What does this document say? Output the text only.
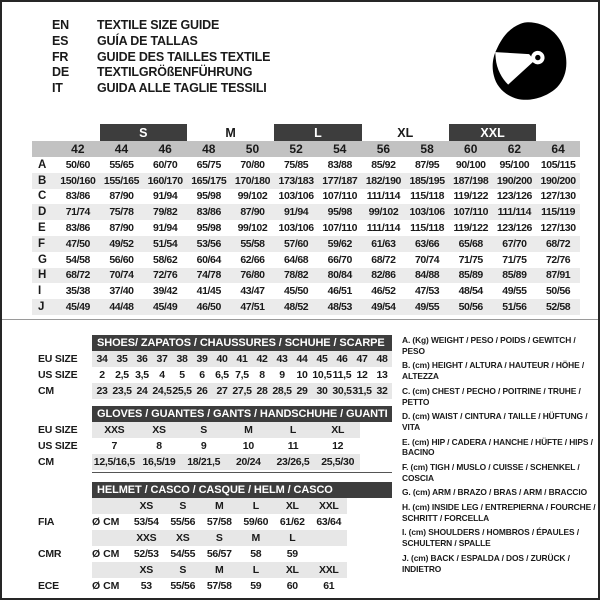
EN	TEXTILE SIZE GUIDE
ES	GUÍA DE TALLAS
FR	GUIDE DES TAILLES TEXTILE
DE	TEXTILGRÖßENFÜHRUNG
IT	GUIDA ALLE TAGLIE TESSILI
		S		M		L		XL		XXL		
	42	44	46	48	50	52	54	56	58	60	62	64
A	50/60	55/65	60/70	65/75	70/80	75/85	83/88	85/92	87/95	90/100	95/100	105/115
B	150/160	155/165	160/170	165/175	170/180	173/183	177/187	182/190	185/195	187/198	190/200	190/200
C	83/86	87/90	91/94	95/98	99/102	103/106	107/110	111/114	115/118	119/122	123/126	127/130
D	71/74	75/78	79/82	83/86	87/90	91/94	95/98	99/102	103/106	107/110	111/114	115/119
E	83/86	87/90	91/94	95/98	99/102	103/106	107/110	111/114	115/118	119/122	123/126	127/130
F	47/50	49/52	51/54	53/56	55/58	57/60	59/62	61/63	63/66	65/68	67/70	68/72
G	54/58	56/60	58/62	60/64	62/66	64/68	66/70	68/72	70/74	71/75	71/75	72/76
H	68/72	70/74	72/76	74/78	76/80	78/82	80/84	82/86	84/88	85/89	85/89	87/91
I	35/38	37/40	39/42	41/45	43/47	45/50	46/51	46/52	47/53	48/54	49/55	50/56
J	45/49	44/48	45/49	46/50	47/51	48/52	48/53	49/54	49/55	50/56	51/56	52/58
SHOES/ ZAPATOS / CHAUSSURES / SCHUHE / SCARPE
EU SIZE	34 35 36 37 38 39 40 41 42 43 44 45 46 47 48
US SIZE	2 2,5 3,5 4	5	6 6,5 7,5 8	9	10 10,5 11,5 12 13
CM	23 23,5 24 24,5 25,5 26 27 27,5 28 28,5 29 30 30,5 31,5 32
GLOVES / GUANTES / GANTS / HANDSCHUHE / GUANTI
EU SIZE	XXS	XS	S	M	L	XL
US SIZE	7	8	9	10	11	12
CM	12,5/16,5 16,5/19	18/21,5	20/24	23/26,5	25,5/30
HELMET / CASCO / CASQUE / HELM / CASCO
XS	S	M	L	XL	XXL
FIA	Ø CM	53/54	55/56	57/58	59/60	61/62	63/64
XXS	XS	S	M	L
CMR	Ø CM	52/53	54/55	56/57	58	59
XS	S	M	L	XL	XXL
ECE	Ø CM	53	55/56	57/58	59	60	61
A. (Kg) WEIGHT / PESO / POIDS / GEWITCH / PESO
B. (cm) HEIGHT / ALTURA / HAUTEUR / HÖHE / ALTEZZA
C. (cm) CHEST / PECHO / POITRINE / TRUHE / PETTO
D. (cm) WAIST / CINTURA / TAILLE / HÜFTUNG / VITA
E. (cm) HIP / CADERA / HANCHE / HÜFTE / HIPS / BACINO
F. (cm) TIGH / MUSLO / CUISSE / SCHENKEL / COSCIA
G. (cm) ARM / BRAZO / BRAS / ARM / BRACCIO
H. (cm) INSIDE LEG / ENTREPIERNA / FOURCHE / SCHRITT / FORCELLA
I. (cm) SHOULDERS / HOMBROS / ÉPAULES / SCHULTERN / SPALLE
J. (cm) BACK / ESPALDA / DOS / ZURÜCK / INDIETRO
